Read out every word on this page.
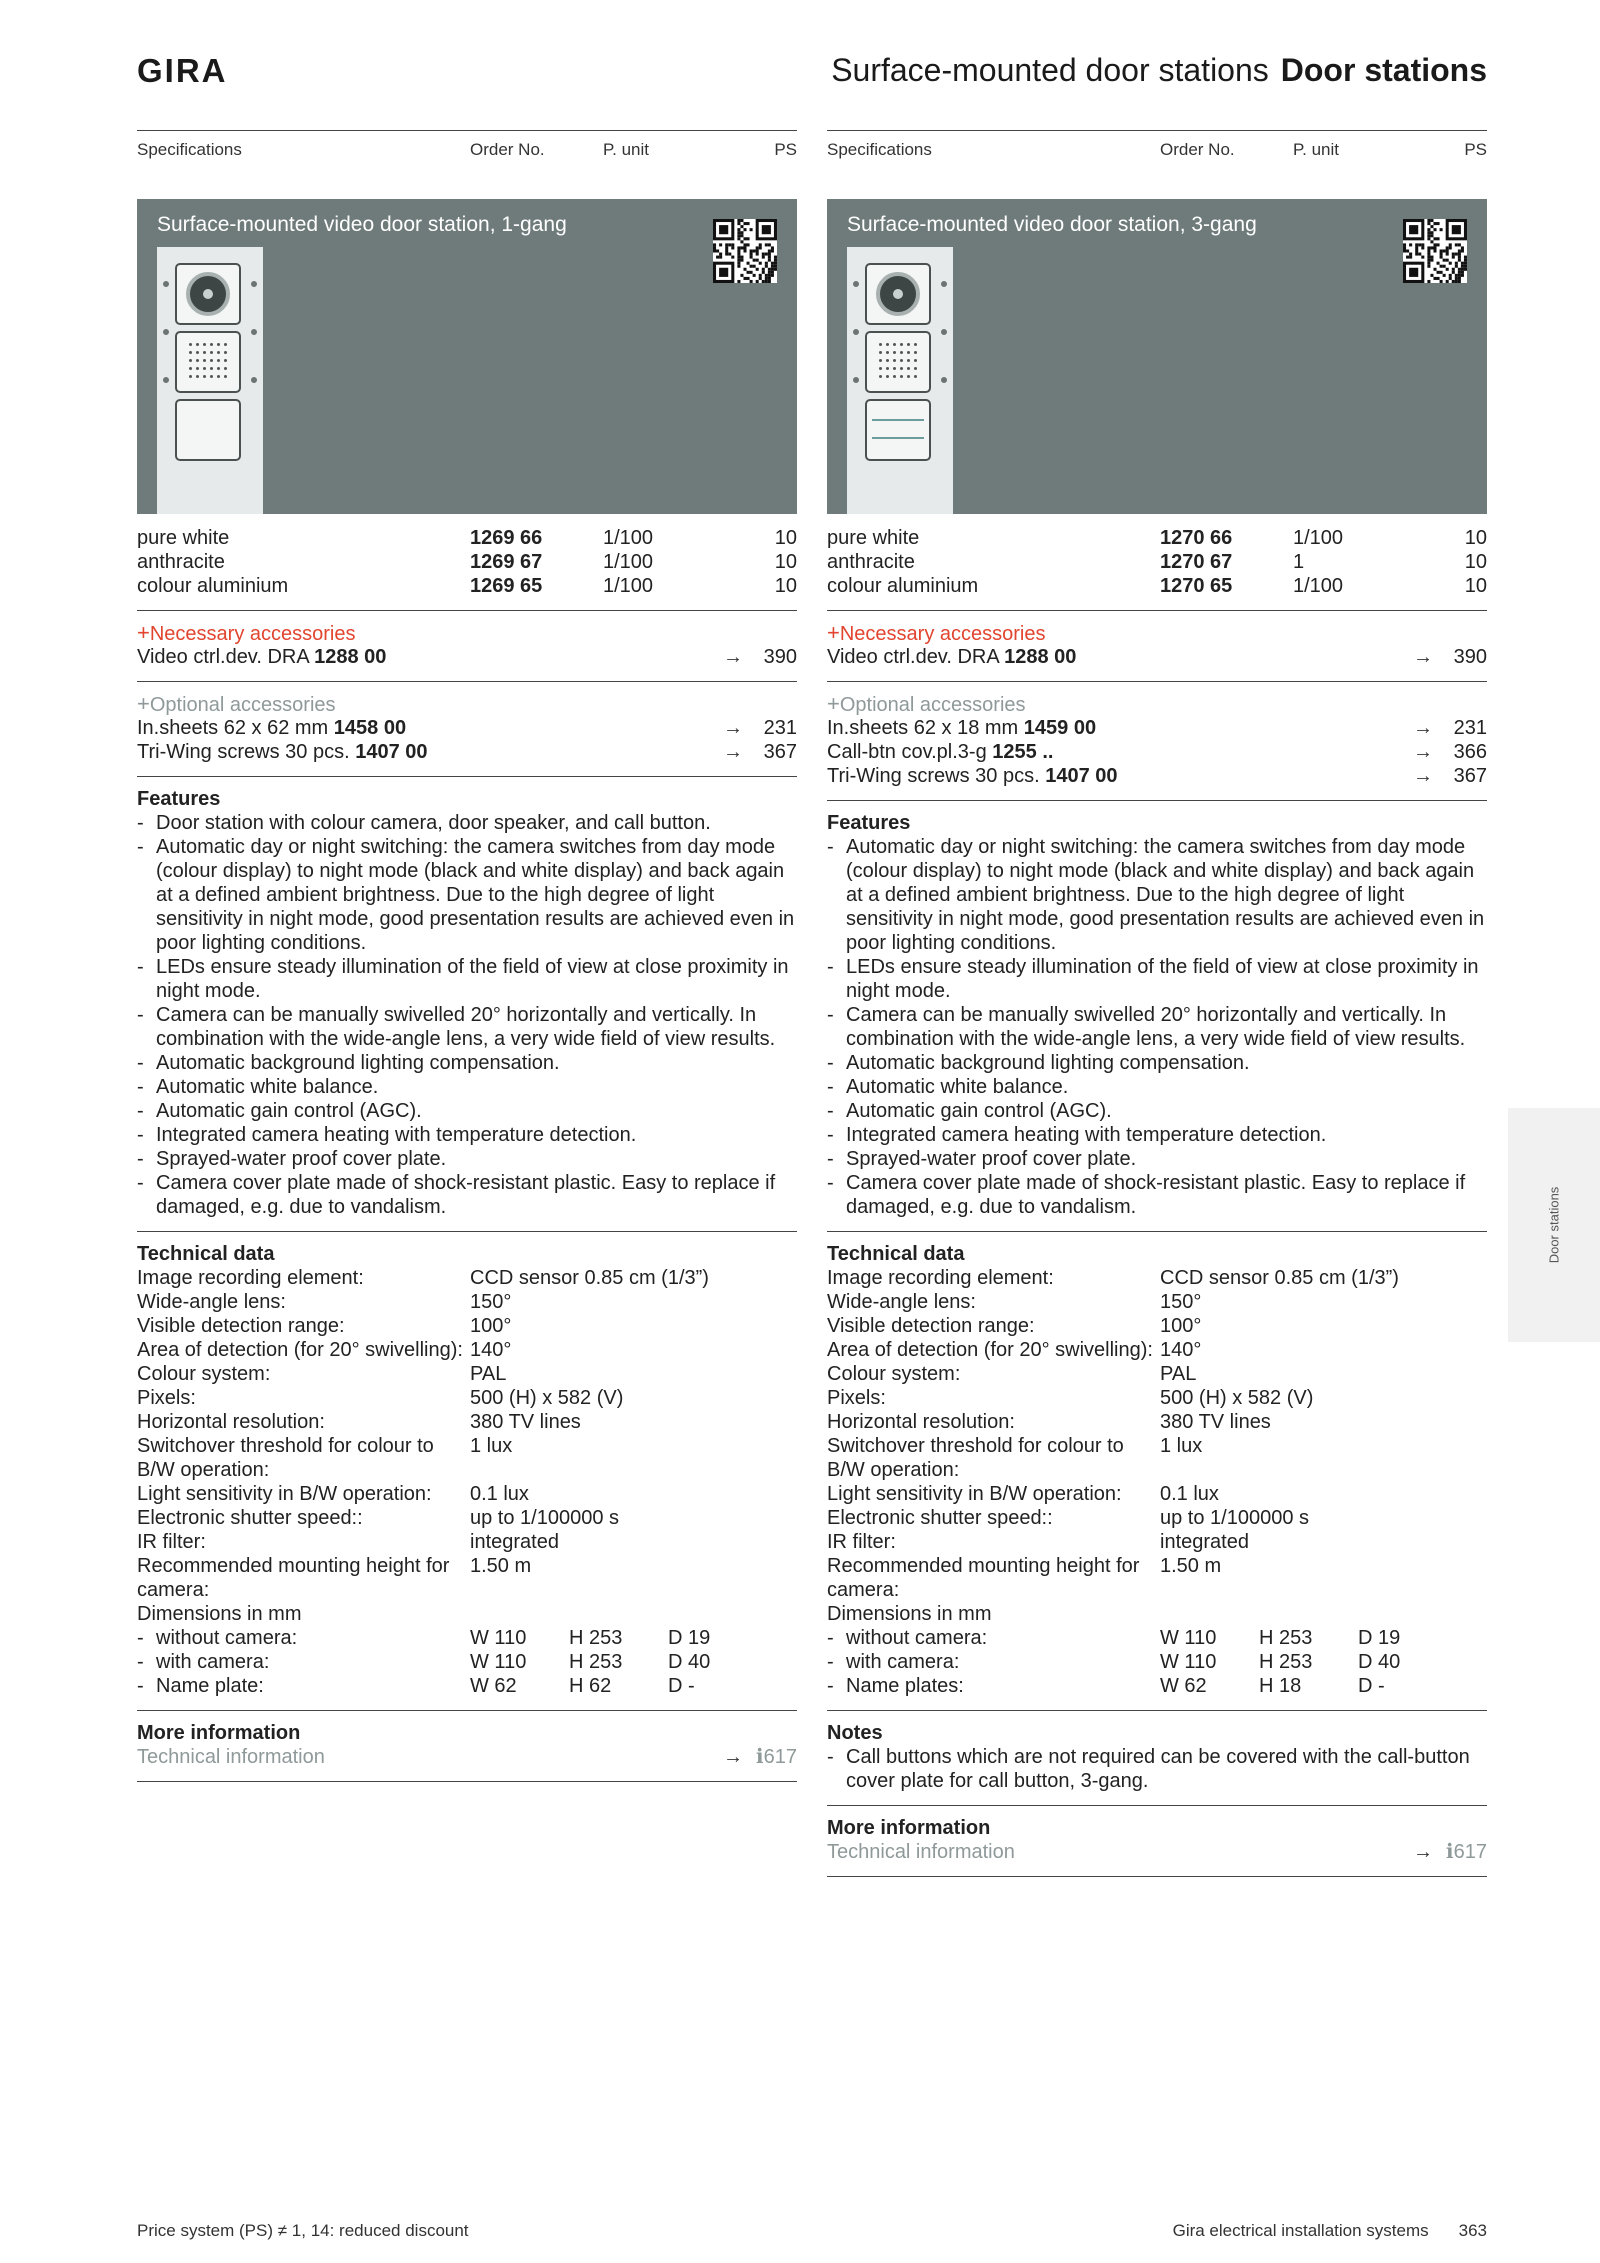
GIRA	Surface-mounted door stations Door stations
Specifications	Order No.	P. unit	PS
Surface-mounted video door station, 1-gang
pure white	1269 66	1/100	10
anthracite	1269 67	1/100	10
colour aluminium	1269 65	1/100	10
+Necessary accessories
Video ctrl.dev. DRA 1288 00	→ 390
+Optional accessories
In.sheets 62 x 62 mm 1458 00	→ 231
Tri-Wing screws 30 pcs. 1407 00	→ 367
Features
- Door station with colour camera, door speaker, and call button.
- Automatic day or night switching: the camera switches from day mode (colour display) to night mode (black and white display) and back again at a defined ambient brightness. Due to the high degree of light sensitivity in night mode, good presentation results are achieved even in poor lighting conditions.
- LEDs ensure steady illumination of the field of view at close proximity in night mode.
- Camera can be manually swivelled 20° horizontally and vertically. In combination with the wide-angle lens, a very wide field of view results.
- Automatic background lighting compensation.
- Automatic white balance.
- Automatic gain control (AGC).
- Integrated camera heating with temperature detection.
- Sprayed-water proof cover plate.
- Camera cover plate made of shock-resistant plastic. Easy to replace if damaged, e.g. due to vandalism.
Technical data
Image recording element:	CCD sensor 0.85 cm (1/3”)
Wide-angle lens:	150°
Visible detection range:	100°
Area of detection (for 20° swivelling): 140°
Colour system:	PAL
Pixels:	500 (H) x 582 (V)
Horizontal resolution:	380 TV lines
Switchover threshold for colour to B/W operation:1 lux
Light sensitivity in B/W operation: 0.1 lux
Electronic shutter speed::	up to 1/100000 s
IR filter:	integrated
Recommended mounting height for camera:1.50 m
Dimensions in mm
- without camera:	W 110 H 253 D 19
- with camera:	W 110 H 253 D 40
- Name plate:	W 62	H 62	D -
More information
Technical information	→ ℹ617
Specifications	Order No.	P. unit	PS
Surface-mounted video door station, 3-gang
pure white	1270 66	1/100	10
anthracite	1270 67	1	10
colour aluminium	1270 65	1/100	10
+Necessary accessories
Video ctrl.dev. DRA 1288 00	→ 390
+Optional accessories
In.sheets 62 x 18 mm 1459 00	→ 231
Call-btn cov.pl.3-g 1255 ..	→ 366
Tri-Wing screws 30 pcs. 1407 00	→ 367
Features
- Automatic day or night switching: the camera switches from day mode (colour display) to night mode (black and white display) and back again at a defined ambient brightness. Due to the high degree of light sensitivity in night mode, good presentation results are achieved even in poor lighting conditions.
- LEDs ensure steady illumination of the field of view at close proximity in night mode.
- Camera can be manually swivelled 20° horizontally and vertically. In combination with the wide-angle lens, a very wide field of view results.
- Automatic background lighting compensation.
- Automatic white balance.
- Automatic gain control (AGC).
- Integrated camera heating with temperature detection.
- Sprayed-water proof cover plate.
- Camera cover plate made of shock-resistant plastic. Easy to replace if damaged, e.g. due to vandalism.
Technical data
Image recording element:	CCD sensor 0.85 cm (1/3”)
Wide-angle lens:	150°
Visible detection range:	100°
Area of detection (for 20° swivelling): 140°
Colour system:	PAL
Pixels:	500 (H) x 582 (V)
Horizontal resolution:	380 TV lines
Switchover threshold for colour to B/W operation:1 lux
Light sensitivity in B/W operation: 0.1 lux
Electronic shutter speed::	up to 1/100000 s
IR filter:	integrated
Recommended mounting height for camera:1.50 m
Dimensions in mm
- without camera:	W 110 H 253 D 19
- with camera:	W 110 H 253 D 40
- Name plates:	W 62	H 18	D -
Notes
- Call buttons which are not required can be covered with the call-button cover plate for call button, 3-gang.
More information
Technical information	→ ℹ617
Door stations
Price system (PS) ≠ 1, 14: reduced discount	Gira electrical installation systems 363
